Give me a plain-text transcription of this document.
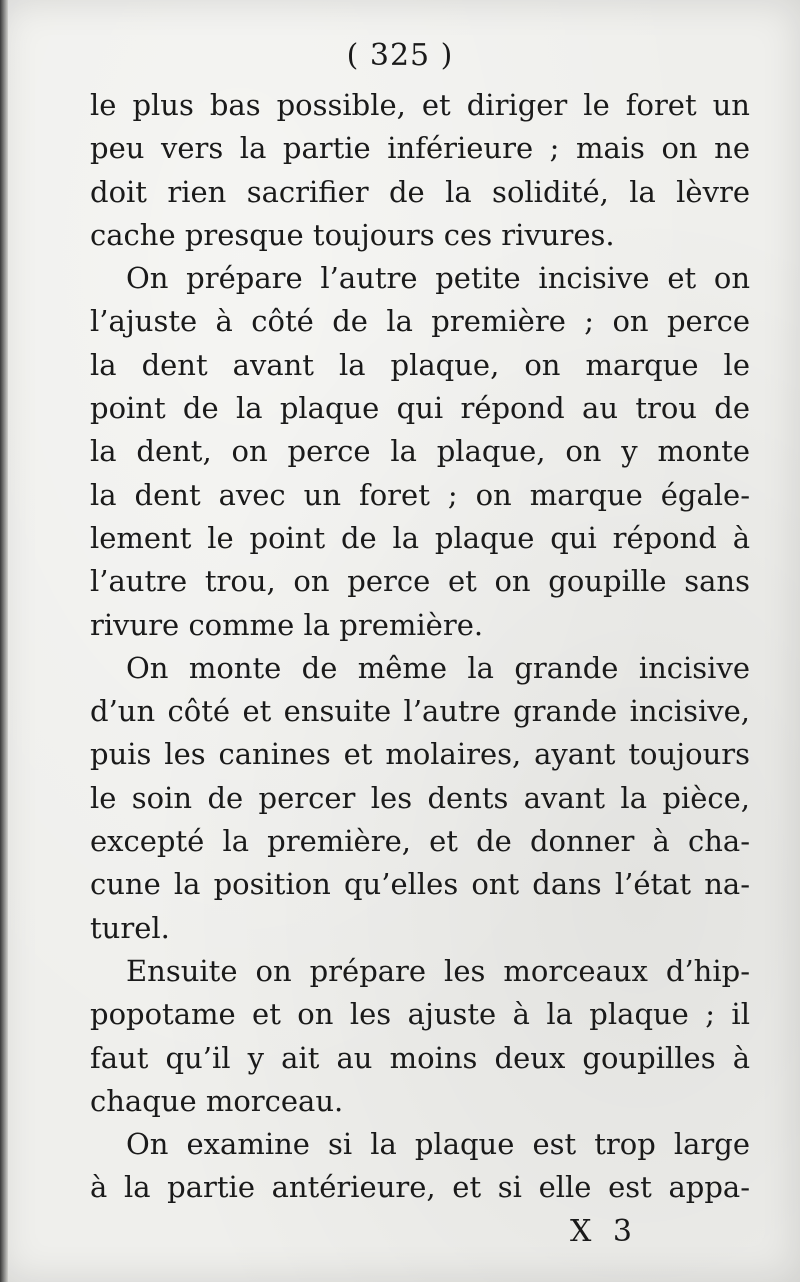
( 325 )

le plus bas possible, et diriger le foret un
peu vers la partie inférieure ; mais on ne
doit rien sacrifier de la solidité, la lèvre
cache presque toujours ces rivures.

On prépare l’autre petite incisive et on
l’ajuste à côté de la première ; on perce
la dent avant la plaque, on marque le
point de la plaque qui répond au trou de
la dent, on perce la plaque, on y monte
la dent avec un foret ; on marque égale-
lement le point de la plaque qui répond à
l’autre trou, on perce et on goupille sans
rivure comme la première.

On monte de même la grande incisive
d’un côté et ensuite l’autre grande incisive,
puis les canines et molaires, ayant toujours
le soin de percer les dents avant la pièce,
excepté la première, et de donner à cha-
cune la position qu’elles ont dans l’état na-
turel.

Ensuite on prépare les morceaux d’hip-
popotame et on les ajuste à la plaque ; il
faut qu’il y ait au moins deux goupilles à
chaque morceau.

On examine si la plaque est trop large
à la partie antérieure, et si elle est appa-

X 3
